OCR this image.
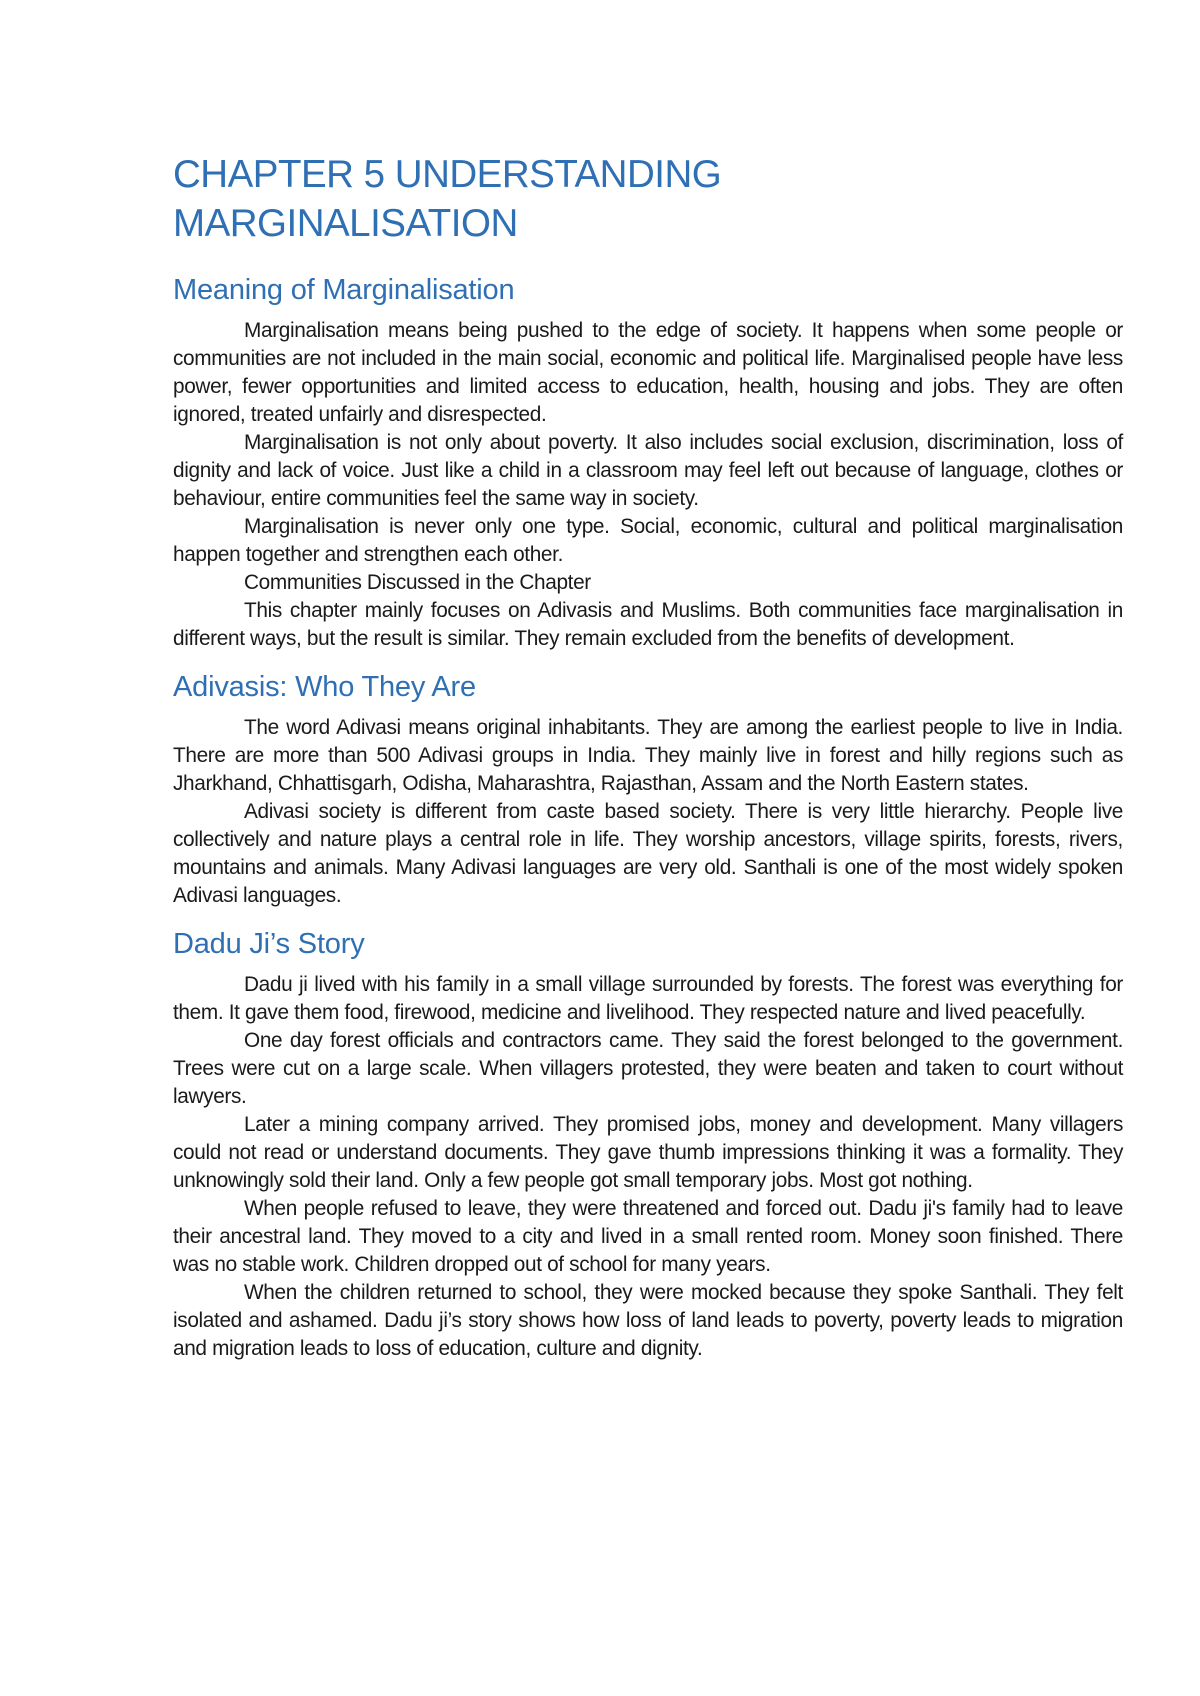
CHAPTER 5 UNDERSTANDING
MARGINALISATION
Meaning of Marginalisation

Marginalisation means being pushed to the edge of society. It happens when some people or communities are not included in the main social, economic and political life. Marginalised people have less power, fewer opportunities and limited access to education, health, housing and jobs. They are often ignored, treated unfairly and disrespected.

Marginalisation is not only about poverty. It also includes social exclusion, discrimination, loss of dignity and lack of voice. Just like a child in a classroom may feel left out because of language, clothes or behaviour, entire communities feel the same way in society.

Marginalisation is never only one type. Social, economic, cultural and political marginalisation happen together and strengthen each other.

Communities Discussed in the Chapter

This chapter mainly focuses on Adivasis and Muslims. Both communities face marginalisation in different ways, but the result is similar. They remain excluded from the benefits of development.

Adivasis: Who They Are

The word Adivasi means original inhabitants. They are among the earliest people to live in India. There are more than 500 Adivasi groups in India. They mainly live in forest and hilly regions such as Jharkhand, Chhattisgarh, Odisha, Maharashtra, Rajasthan, Assam and the North Eastern states.

Adivasi society is different from caste based society. There is very little hierarchy. People live collectively and nature plays a central role in life. They worship ancestors, village spirits, forests, rivers, mountains and animals. Many Adivasi languages are very old. Santhali is one of the most widely spoken Adivasi languages.

Dadu Ji’s Story

Dadu ji lived with his family in a small village surrounded by forests. The forest was everything for them. It gave them food, firewood, medicine and livelihood. They respected nature and lived peacefully.

One day forest officials and contractors came. They said the forest belonged to the government. Trees were cut on a large scale. When villagers protested, they were beaten and taken to court without lawyers.

Later a mining company arrived. They promised jobs, money and development. Many villagers could not read or understand documents. They gave thumb impressions thinking it was a formality. They unknowingly sold their land. Only a few people got small temporary jobs. Most got nothing.

When people refused to leave, they were threatened and forced out. Dadu ji's family had to leave their ancestral land. They moved to a city and lived in a small rented room. Money soon finished. There was no stable work. Children dropped out of school for many years.

When the children returned to school, they were mocked because they spoke Santhali. They felt isolated and ashamed. Dadu ji’s story shows how loss of land leads to poverty, poverty leads to migration and migration leads to loss of education, culture and dignity.
